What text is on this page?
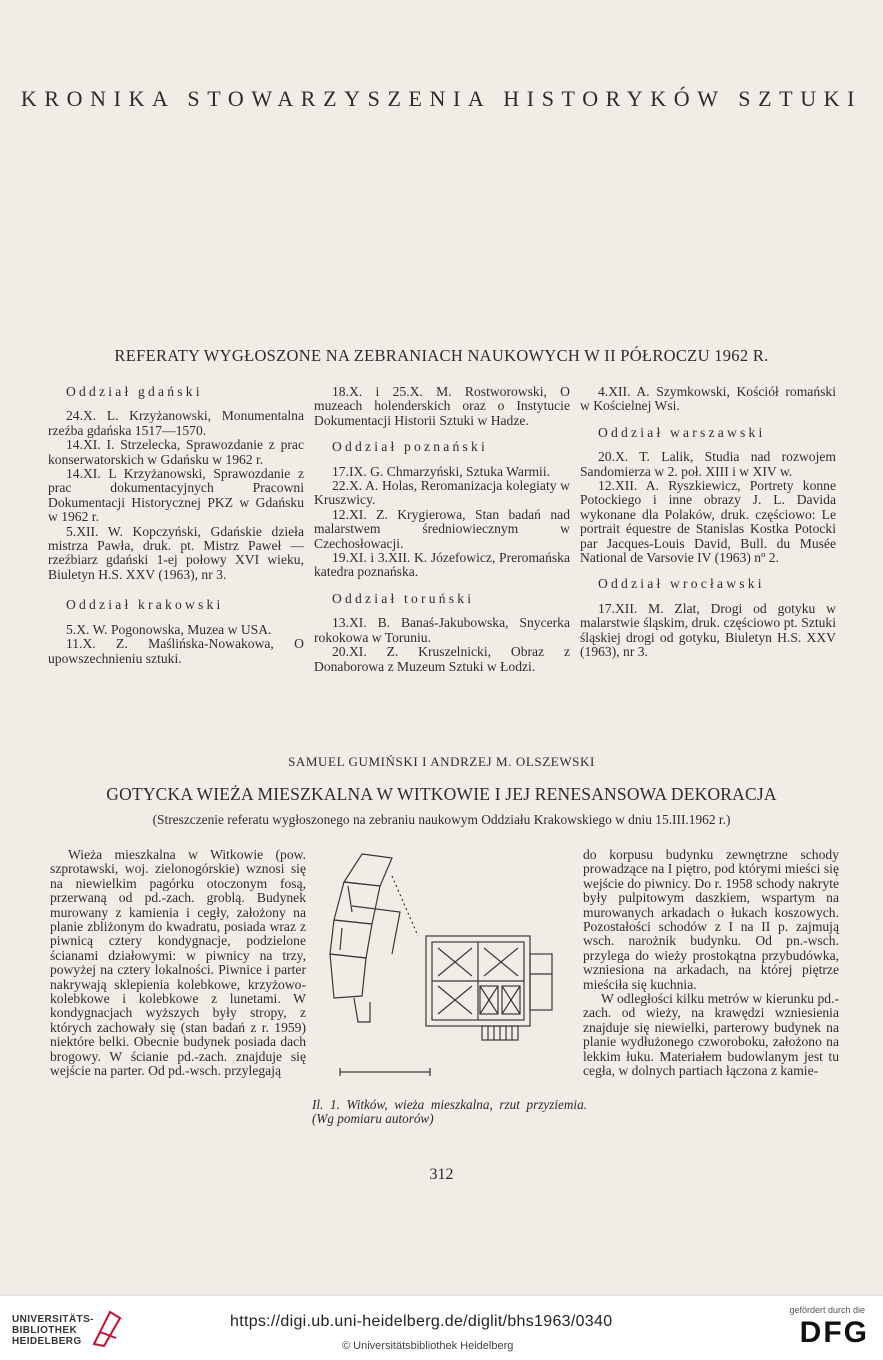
KRONIKA STOWARZYSZENIA HISTORYKÓW SZTUKI
REFERATY WYGŁOSZONE NA ZEBRANIACH NAUKOWYCH W II PÓŁROCZU 1962 R.

Oddział gdański

24.X. L. Krzyżanowski, Monumentalna rzeźba gdańska 1517—1570.

14.XI. I. Strzelecka, Sprawozdanie z prac konserwatorskich w Gdańsku w 1962 r.

14.XI. L Krzyżanowski, Sprawozdanie z prac dokumentacyjnych Pracowni Dokumentacji Historycznej PKZ w Gdańsku w 1962 r.

5.XII. W. Kopczyński, Gdańskie dzieła mistrza Pawła, druk. pt. Mistrz Paweł — rzeźbiarz gdański 1-ej połowy XVI wieku, Biuletyn H.S. XXV (1963), nr 3.

Oddział krakowski

5.X. W. Pogonowska, Muzea w USA.

11.X. Z. Maślińska-Nowakowa, O upowszechnieniu sztuki.

18.X. i 25.X. M. Rostworowski, O muzeach holenderskich oraz o Instytucie Dokumentacji Historii Sztuki w Hadze.

Oddział poznański

17.IX. G. Chmarzyński, Sztuka Warmii.

22.X. A. Holas, Reromanizacja kolegiaty w Kruszwicy.

12.XI. Z. Krygierowa, Stan badań nad malarstwem średniowiecznym w Czechosłowacji.

19.XI. i 3.XII. K. Józefowicz, Preromańska katedra poznańska.

Oddział toruński

13.XI. B. Banaś-Jakubowska, Snycerka rokokowa w Toruniu.

20.XI. Z. Kruszelnicki, Obraz z Donaborowa z Muzeum Sztuki w Łodzi.

4.XII. A. Szymkowski, Kościół romański w Kościelnej Wsi.

Oddział warszawski

20.X. T. Lalik, Studia nad rozwojem Sandomierza w 2. poł. XIII i w XIV w.

12.XII. A. Ryszkiewicz, Portrety konne Potockiego i inne obrazy J. L. Davida wykonane dla Polaków, druk. częściowo: Le portrait équestre de Stanislas Kostka Potocki par Jacques-Louis David, Bull. du Musée National de Varsovie IV (1963) nº 2.

Oddział wrocławski

17.XII. M. Zlat, Drogi od gotyku w malarstwie śląskim, druk. częściowo pt. Sztuki śląskiej drogi od gotyku, Biuletyn H.S. XXV (1963), nr 3.

SAMUEL GUMIŃSKI I ANDRZEJ M. OLSZEWSKI
GOTYCKA WIEŻA MIESZKALNA W WITKOWIE I JEJ RENESANSOWA DEKORACJA
(Streszczenie referatu wygłoszonego na zebraniu naukowym Oddziału Krakowskiego w dniu 15.III.1962 r.)

Wieża mieszkalna w Witkowie (pow. szprotawski, woj. zielonogórskie) wznosi się na niewielkim pagórku otoczonym fosą, przerwaną od pd.-zach. groblą. Budynek murowany z kamienia i cegły, założony na planie zbliżonym do kwadratu, posiada wraz z piwnicą cztery kondygnacje, podzielone ścianami działowymi: w piwnicy na trzy, powyżej na cztery lokalności. Piwnice i parter nakrywają sklepienia kolebkowe, krzyżowo-kolebkowe i kolebkowe z lunetami. W kondygnacjach wyższych były stropy, z których zachowały się (stan badań z r. 1959) niektóre belki. Obecnie budynek posiada dach brogowy. W ścianie pd.-zach. znajduje się wejście na parter. Od pd.-wsch. przylegają

Il. 1. Witków, wieża mieszkalna, rzut przyziemia. (Wg pomiaru autorów)

do korpusu budynku zewnętrzne schody prowadzące na I piętro, pod którymi mieści się wejście do piwnicy. Do r. 1958 schody nakryte były pulpitowym daszkiem, wspartym na murowanych arkadach o łukach koszowych. Pozostałości schodów z I na II p. zajmują wsch. narożnik budynku. Od pn.-wsch. przylega do wieży prostokątna przybudówka, wzniesiona na arkadach, na której piętrze mieściła się kuchnia.

W odległości kilku metrów w kierunku pd.-zach. od wieży, na krawędzi wzniesienia znajduje się niewielki, parterowy budynek na planie wydłużonego czworoboku, założono na lekkim łuku. Materiałem budowlanym jest tu cegła, w dolnych partiach łączona z kamie-

312
UNIVERSITÄTS-
BIBLIOTHEK
HEIDELBERG
https://digi.ub.uni-heidelberg.de/diglit/bhs1963/0340
© Universitätsbibliothek Heidelberg
gefördert durch die
DFG
